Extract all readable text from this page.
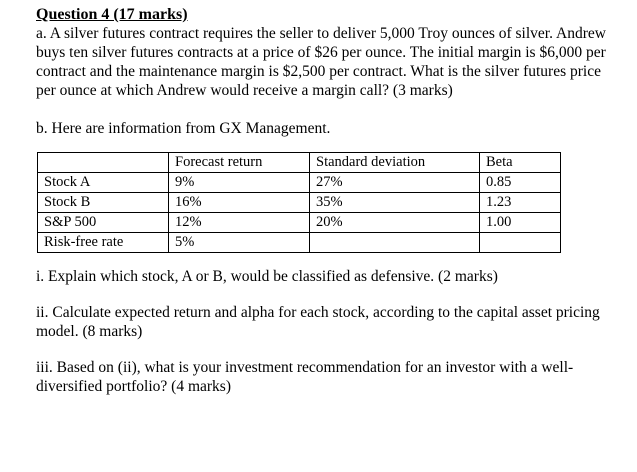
Question 4 (17 marks)

a. A silver futures contract requires the seller to deliver 5,000 Troy ounces of silver. Andrew buys ten silver futures contracts at a price of $26 per ounce. The initial margin is $6,000 per contract and the maintenance margin is $2,500 per contract. What is the silver futures price per ounce at which Andrew would receive a margin call? (3 marks)

b. Here are information from GX Management.

	Forecast return	Standard deviation	Beta
Stock A	9%	27%	0.85
Stock B	16%	35%	1.23
S&P 500	12%	20%	1.00
Risk-free rate	5%		

i. Explain which stock, A or B, would be classified as defensive. (2 marks)

ii. Calculate expected return and alpha for each stock, according to the capital asset pricing model. (8 marks)

iii. Based on (ii), what is your investment recommendation for an investor with a well-diversified portfolio? (4 marks)
